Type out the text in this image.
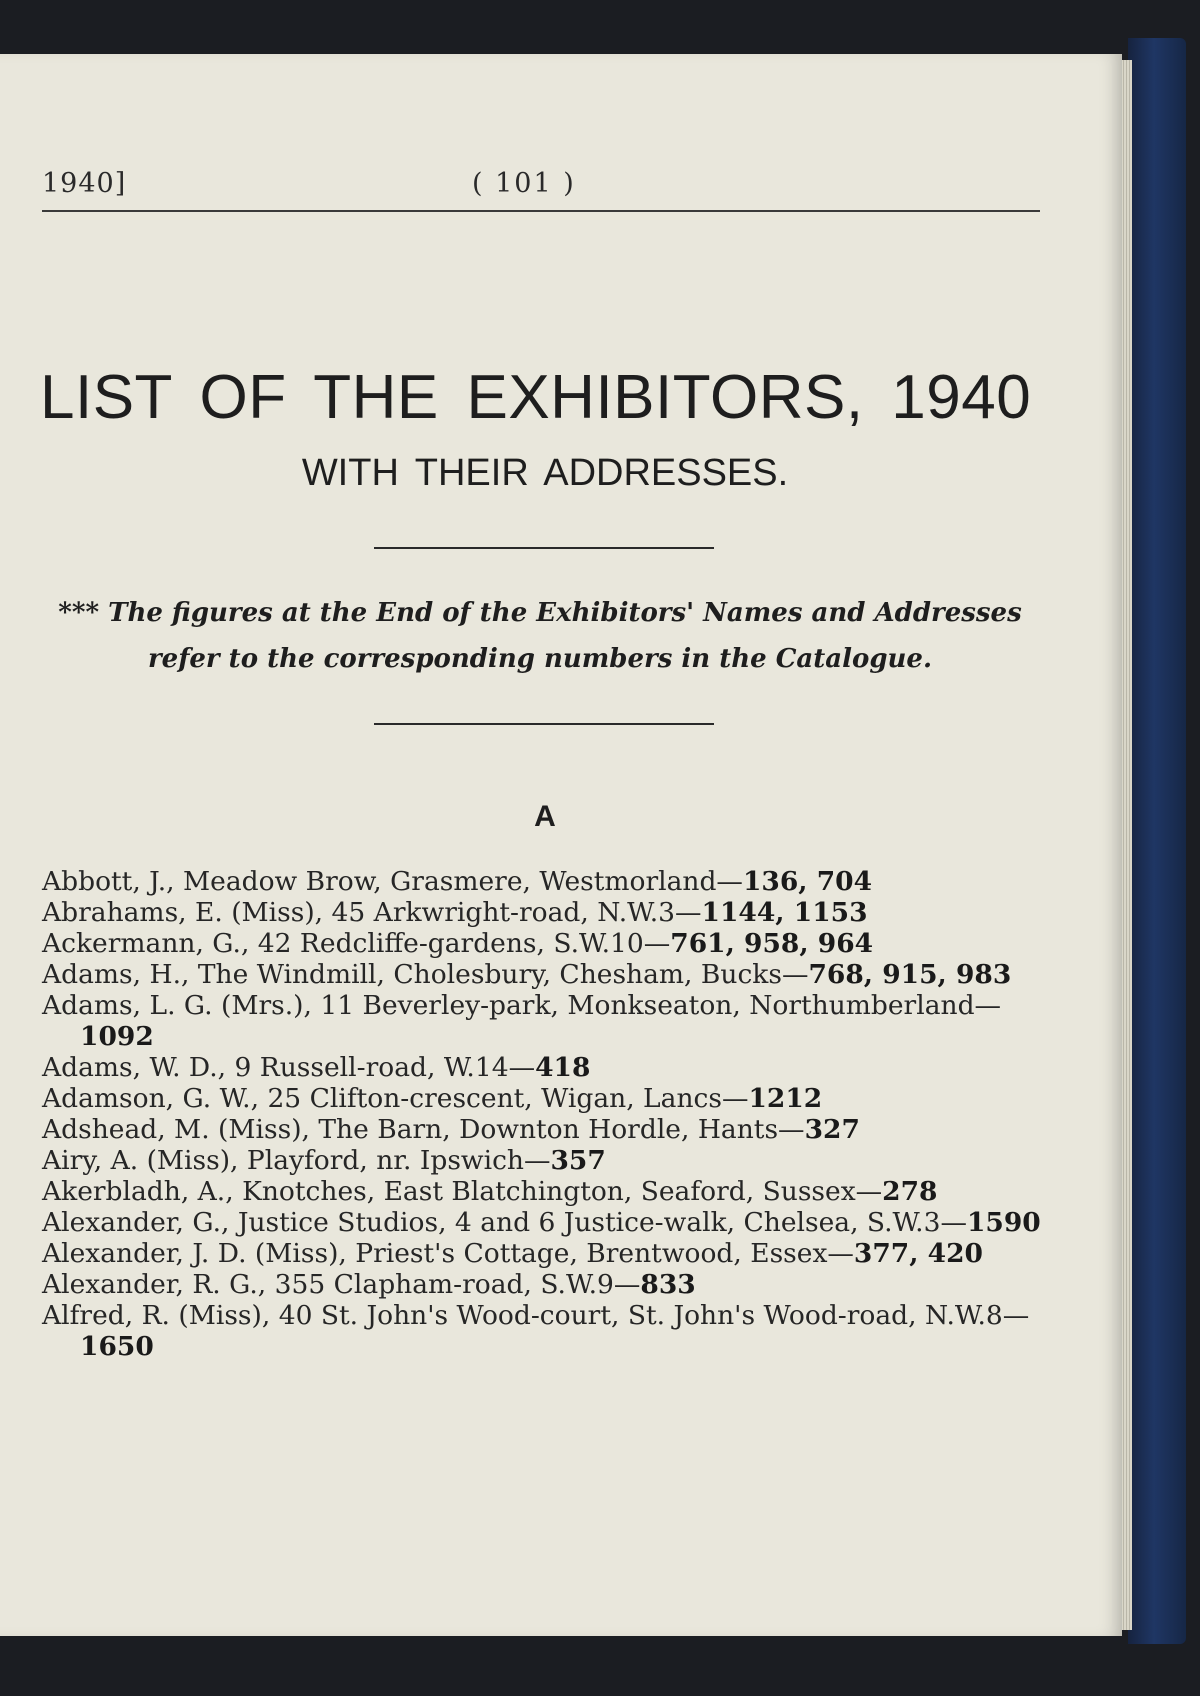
1940]	( 101 )
LIST OF THE EXHIBITORS, 1940
WITH THEIR ADDRESSES.
*** The figures at the End of the Exhibitors' Names and Addresses
refer to the corresponding numbers in the Catalogue.
A
Abbott, J., Meadow Brow, Grasmere, Westmorland—136, 704
Abrahams, E. (Miss), 45 Arkwright-road, N.W.3—1144, 1153
Ackermann, G., 42 Redcliffe-gardens, S.W.10—761, 958, 964
Adams, H., The Windmill, Cholesbury, Chesham, Bucks—768, 915, 983
Adams, L. G. (Mrs.), 11 Beverley-park, Monkseaton, Northumberland—1092
Adams, W. D., 9 Russell-road, W.14—418
Adamson, G. W., 25 Clifton-crescent, Wigan, Lancs—1212
Adshead, M. (Miss), The Barn, Downton Hordle, Hants—327
Airy, A. (Miss), Playford, nr. Ipswich—357
Akerbladh, A., Knotches, East Blatchington, Seaford, Sussex—278
Alexander, G., Justice Studios, 4 and 6 Justice-walk, Chelsea, S.W.3—1590
Alexander, J. D. (Miss), Priest's Cottage, Brentwood, Essex—377, 420
Alexander, R. G., 355 Clapham-road, S.W.9—833
Alfred, R. (Miss), 40 St. John's Wood-court, St. John's Wood-road, N.W.8—1650
